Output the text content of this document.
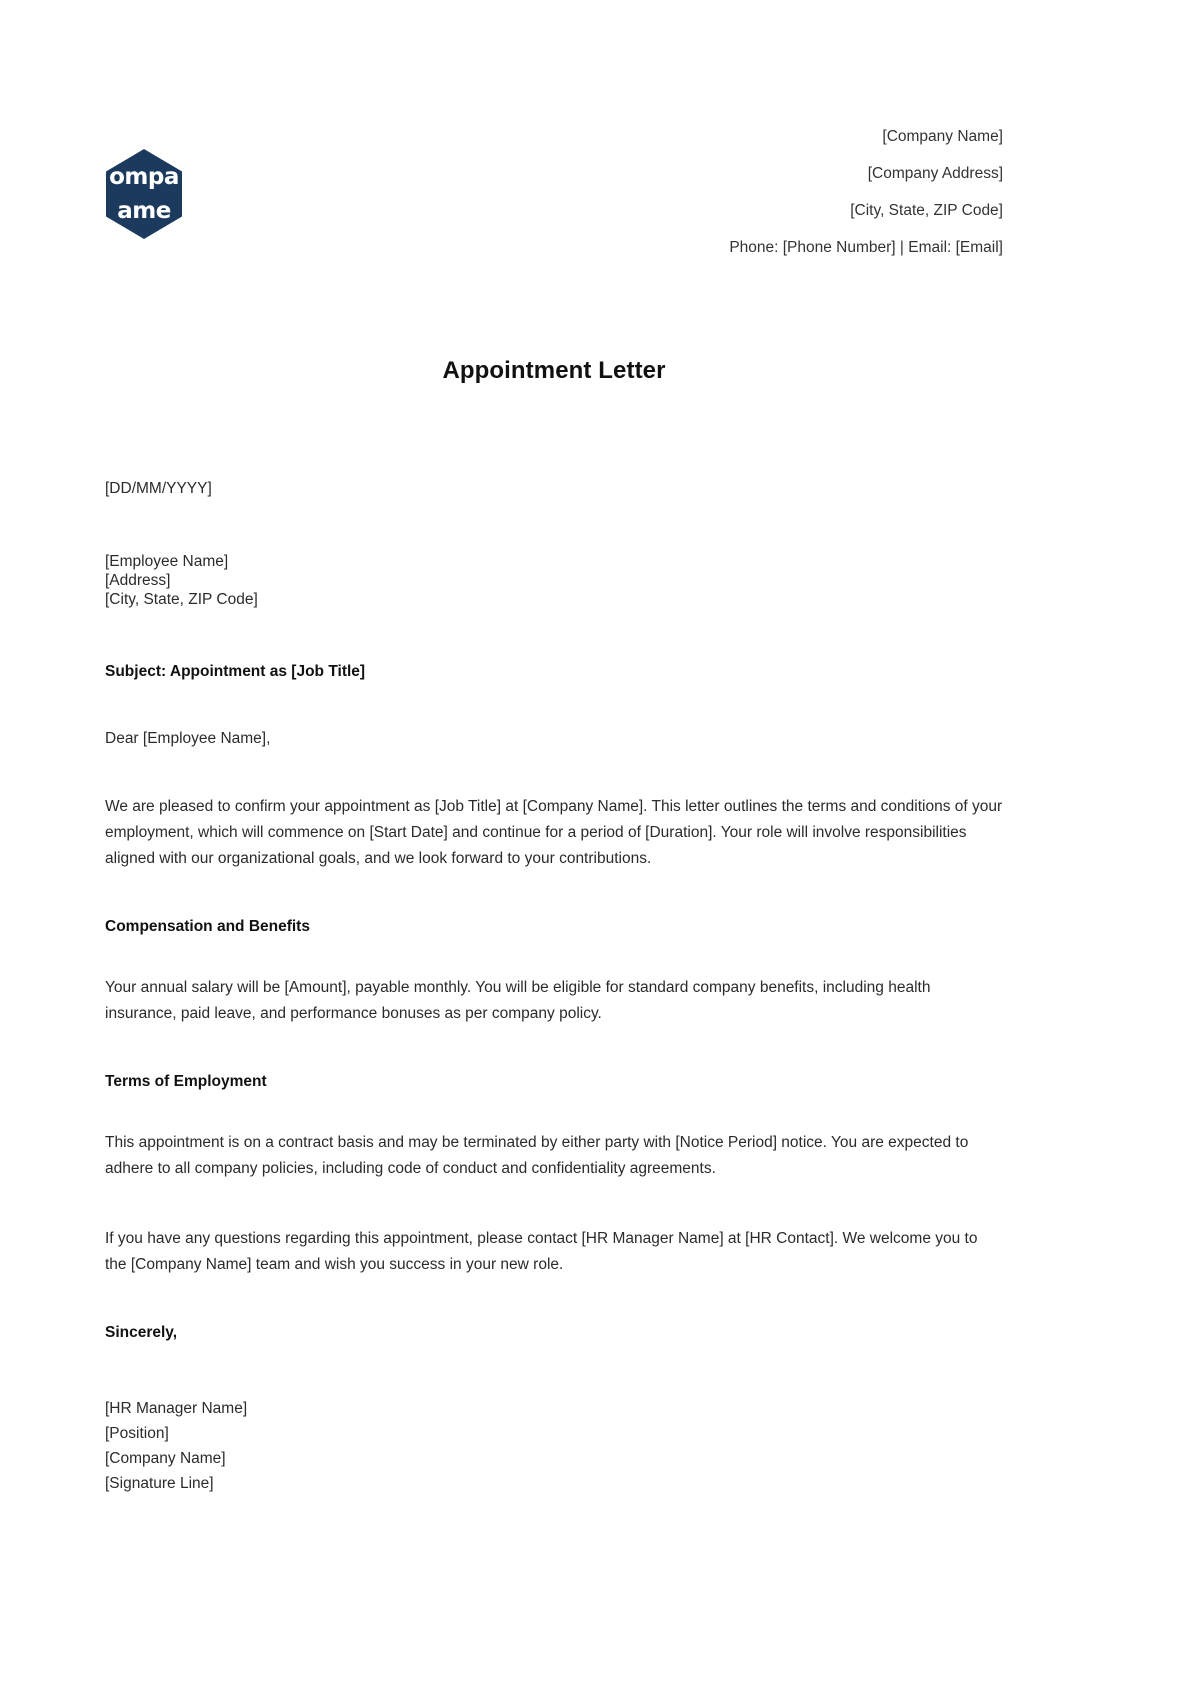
ompa
ame
[Company Name]
[Company Address]
[City, State, ZIP Code]
Phone: [Phone Number] | Email: [Email]
Appointment Letter
[DD/MM/YYYY]
[Employee Name]
[Address]
[City, State, ZIP Code]
Subject: Appointment as [Job Title]
Dear [Employee Name],

We are pleased to confirm your appointment as [Job Title] at [Company Name]. This letter outlines the terms and conditions of your employment, which will commence on [Start Date] and continue for a period of [Duration]. Your role will involve responsibilities aligned with our organizational goals, and we look forward to your contributions.

Compensation and Benefits

Your annual salary will be [Amount], payable monthly. You will be eligible for standard company benefits, including health insurance, paid leave, and performance bonuses as per company policy.

Terms of Employment

This appointment is on a contract basis and may be terminated by either party with [Notice Period] notice. You are expected to adhere to all company policies, including code of conduct and confidentiality agreements.

If you have any questions regarding this appointment, please contact [HR Manager Name] at [HR Contact]. We welcome you to the [Company Name] team and wish you success in your new role.

Sincerely,
[HR Manager Name]
[Position]
[Company Name]
[Signature Line]
